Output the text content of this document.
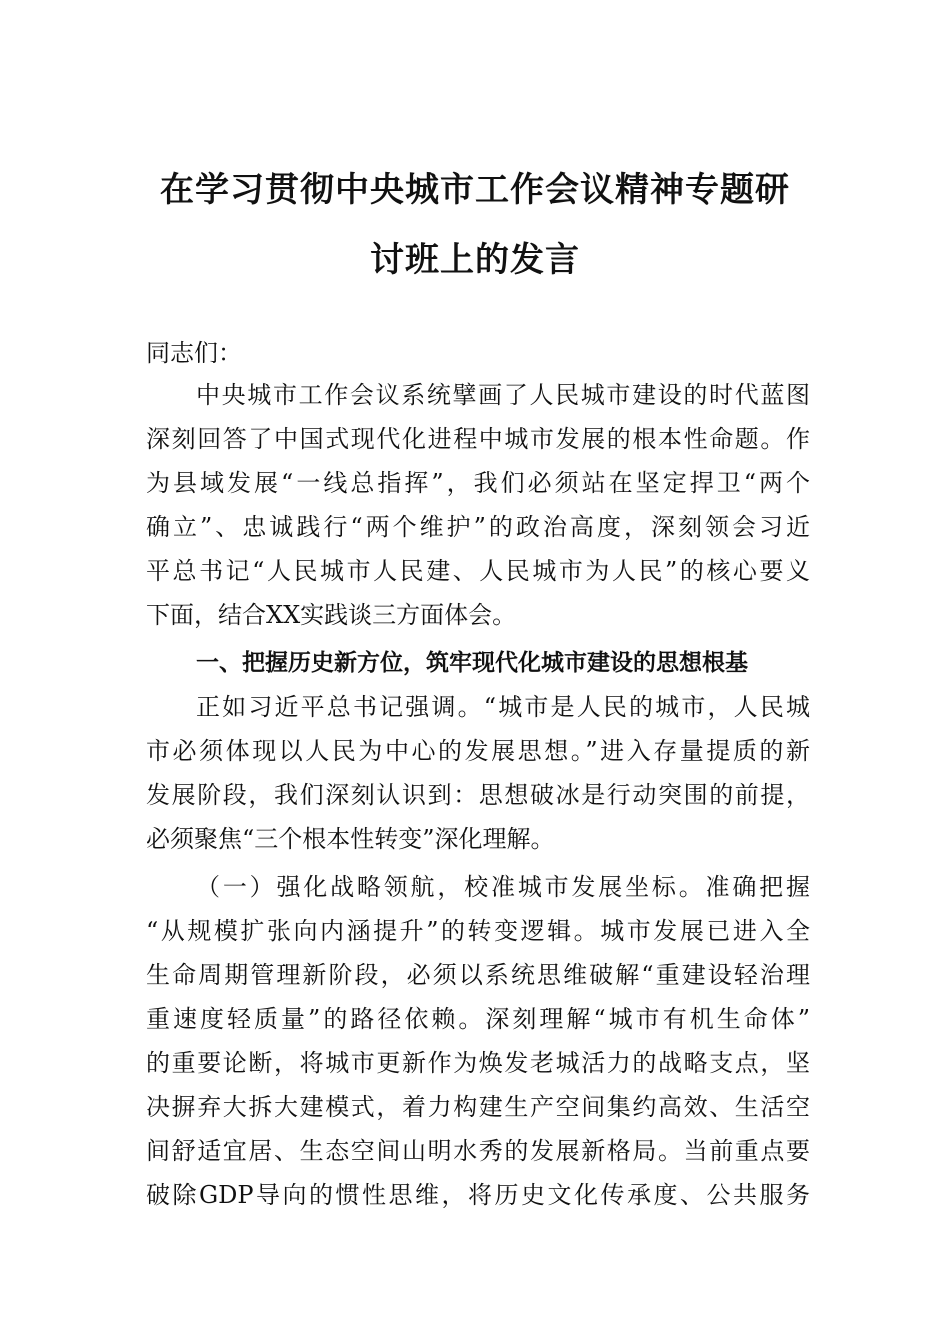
在学习贯彻中央城市工作会议精神专题研
讨班上的发言
同志们：
中央城市工作会议系统擘画了人民城市建设的时代蓝图
深刻回答了中国式现代化进程中城市发展的根本性命题。作
为县域发展“一线总指挥”，我们必须站在坚定捍卫“两个
确立”、忠诚践行“两个维护”的政治高度，深刻领会习近
平总书记“人民城市人民建、人民城市为人民”的核心要义
下面，结合XX实践谈三方面体会。
一、把握历史新方位，筑牢现代化城市建设的思想根基
正如习近平总书记强调。“城市是人民的城市，人民城
市必须体现以人民为中心的发展思想。”进入存量提质的新
发展阶段，我们深刻认识到：思想破冰是行动突围的前提，
必须聚焦“三个根本性转变”深化理解。
（一）强化战略领航，校准城市发展坐标。准确把握
“从规模扩张向内涵提升”的转变逻辑。城市发展已进入全
生命周期管理新阶段，必须以系统思维破解“重建设轻治理
重速度轻质量”的路径依赖。深刻理解“城市有机生命体”
的重要论断，将城市更新作为焕发老城活力的战略支点，坚
决摒弃大拆大建模式，着力构建生产空间集约高效、生活空
间舒适宜居、生态空间山明水秀的发展新格局。当前重点要
破除GDP导向的惯性思维，将历史文化传承度、公共服务
